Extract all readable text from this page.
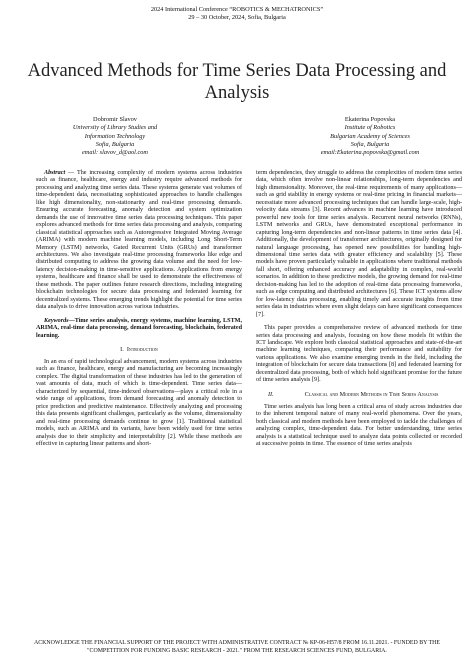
2024 International Conference “ROBOTICS & MECHATRONICS”
29 – 30 October, 2024, Sofia, Bulgaria
Advanced Methods for Time Series Data Processing and Analysis
Dobromir Slavov
University of Library Studies and
Information Technology
Sofia, Bulgaria
email: slavov_d@aol.com
Ekaterina Popovska
Institute of Robotics
Bulgarian Academy of Sciences
Sofia, Bulgaria
email:Ekaterina.popovska@gmail.com

Abstract — The increasing complexity of modern systems across industries such as finance, healthcare, energy and industry require advanced methods for processing and analyzing time series data. These systems generate vast volumes of time-dependent data, necessitating sophisticated approaches to handle challenges like high dimensionality, non-stationarity and real-time processing demands. Ensuring accurate forecasting, anomaly detection and system optimization demands the use of innovative time series data processing techniques. This paper explores advanced methods for time series data processing and analysis, comparing classical statistical approaches such as Autoregressive Integrated Moving Average (ARIMA) with modern machine learning models, including Long Short-Term Memory (LSTM) networks, Gated Recurrent Units (GRUs) and transformer architectures. We also investigate real-time processing frameworks like edge and distributed computing to address the growing data volume and the need for low-latency decision-making in time-sensitive applications. Applications from energy systems, healthcare and finance shall be used to demonstrate the effectiveness of these methods. The paper outlines future research directions, including integrating blockchain technologies for secure data processing and federated learning for decentralized systems. These emerging trends highlight the potential for time series data analysis to drive innovation across various industries.

Keywords—Time series analysis, energy systems, machine learning, LSTM, ARIMA, real-time data processing, demand forecasting, blockchain, federated learning.

I. Introduction

In an era of rapid technological advancement, modern systems across industries such as finance, healthcare, energy and manufacturing are becoming increasingly complex. The digital transformation of these industries has led to the generation of vast amounts of data, much of which is time-dependent. Time series data—characterized by sequential, time-indexed observations—plays a critical role in a wide range of applications, from demand forecasting and anomaly detection to price prediction and predictive maintenance. Effectively analyzing and processing this data presents significant challenges, particularly as the volume, dimensionality and real-time processing demands continue to grow [1]. Traditional statistical models, such as ARIMA and its variants, have been widely used for time series analysis due to their simplicity and interpretability [2]. While these methods are effective in capturing linear patterns and short-

term dependencies, they struggle to address the complexities of modern time series data, which often involve non-linear relationships, long-term dependencies and high dimensionality. Moreover, the real-time requirements of many applications—such as grid stability in energy systems or real-time pricing in financial markets—necessitate more advanced processing techniques that can handle large-scale, high-velocity data streams [3]. Recent advances in machine learning have introduced powerful new tools for time series analysis. Recurrent neural networks (RNNs), LSTM networks and GRUs, have demonstrated exceptional performance in capturing long-term dependencies and non-linear patterns in time series data [4]. Additionally, the development of transformer architectures, originally designed for natural language processing, has opened new possibilities for handling high-dimensional time series data with greater efficiency and scalability [5]. These models have proven particularly valuable in applications where traditional methods fall short, offering enhanced accuracy and adaptability in complex, real-world scenarios. In addition to these predictive models, the growing demand for real-time decision-making has led to the adoption of real-time data processing frameworks, such as edge computing and distributed architectures [6]. These ICT systems allow for low-latency data processing, enabling timely and accurate insights from time series data in industries where even slight delays can have significant consequences [7].

This paper provides a comprehensive review of advanced methods for time series data processing and analysis, focusing on how these models fit within the ICT landscape. We explore both classical statistical approaches and state-of-the-art machine learning techniques, comparing their performance and suitability for various applications. We also examine emerging trends in the field, including the integration of blockchain for secure data transactions [8] and federated learning for decentralized data processing, both of which hold significant promise for the future of time series analysis [9].

II.	Classical and Modern Methods in Time Series Analysis

Time series analysis has long been a critical area of study across industries due to the inherent temporal nature of many real-world phenomena. Over the years, both classical and modern methods have been employed to tackle the challenges of analyzing complex, time-dependent data. For better understanding, time series analysis is a statistical technique used to analyze data points collected or recorded at successive points in time. The essence of time series analysis

ACKNOWLEDGE THE FINANCIAL SUPPORT OF THE PROJECT WITH ADMINISTRATIVE CONTRACT № КР-06-Н57/8 FROM 16.11.2021. - FUNDED BY THE "COMPETITION FOR FUNDING BASIC RESEARCH - 2021." FROM THE RESEARCH SCIENCES FUND, BULGARIA.
